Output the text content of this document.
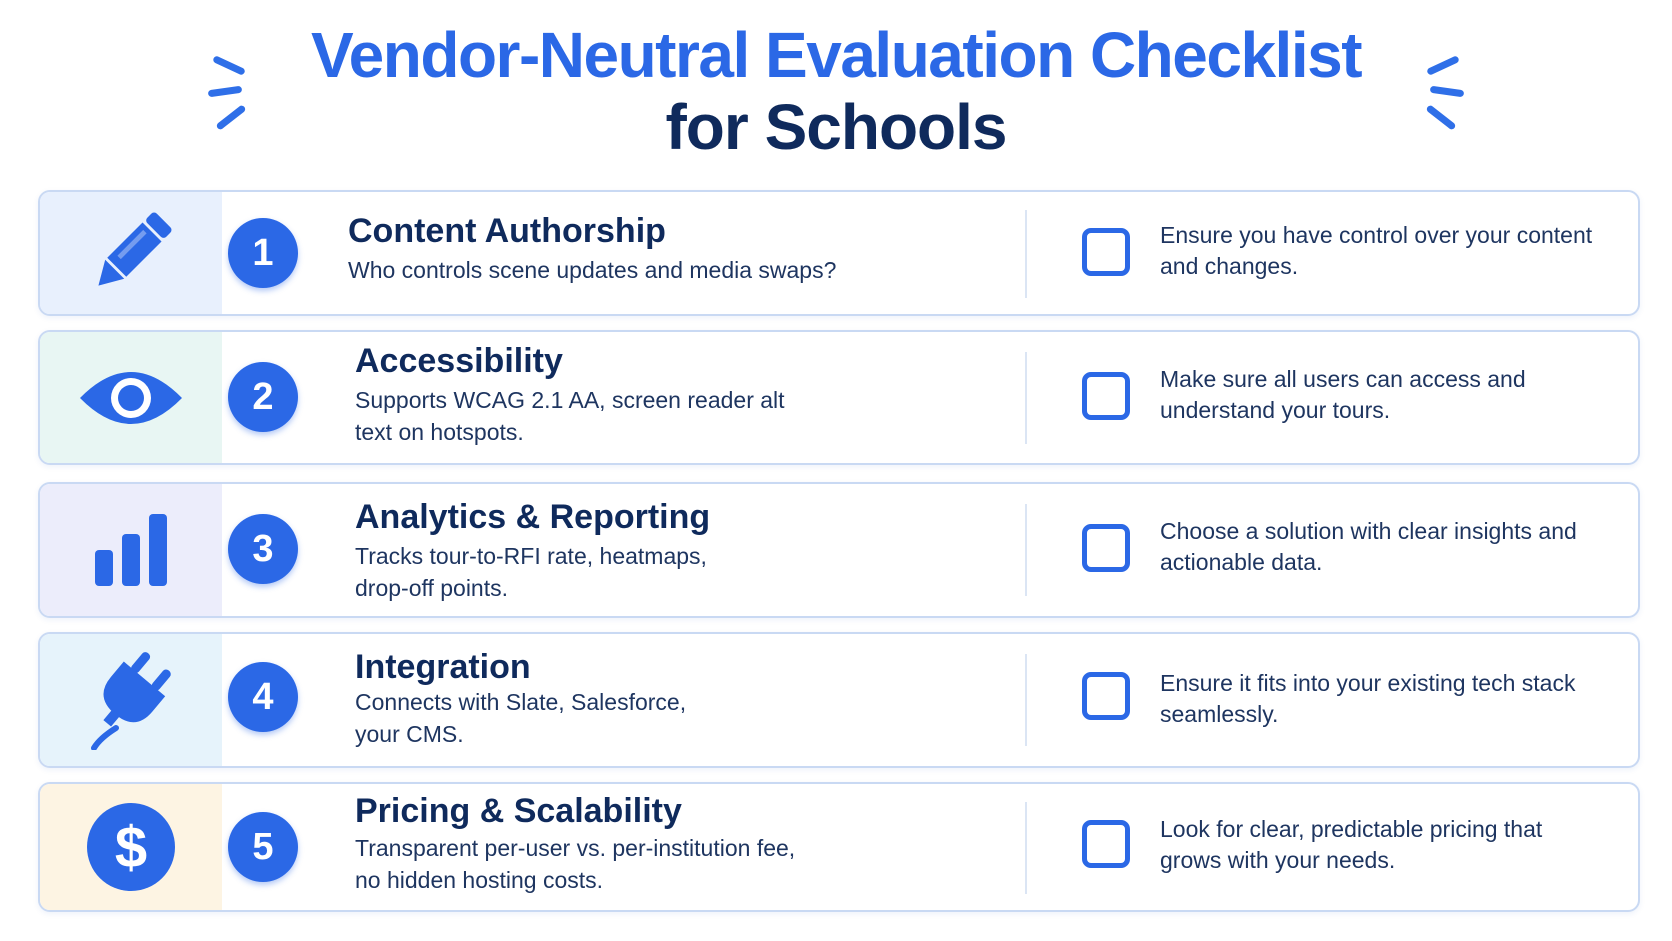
Vendor-Neutral Evaluation Checklist
for Schools
1
Content Authorship
Who controls scene updates and media swaps?
Ensure you have control over your content and changes.
2
Accessibility
Supports WCAG 2.1 AA, screen reader alt text on hotspots.
Make sure all users can access and understand your tours.
3
Analytics & Reporting
Tracks tour-to-RFI rate, heatmaps, drop-off points.
Choose a solution with clear insights and actionable data.
4
Integration
Connects with Slate, Salesforce, your CMS.
Ensure it fits into your existing tech stack seamlessly.
$	5
Pricing & Scalability
Transparent per-user vs. per-institution fee, no hidden hosting costs.
Look for clear, predictable pricing that grows with your needs.
